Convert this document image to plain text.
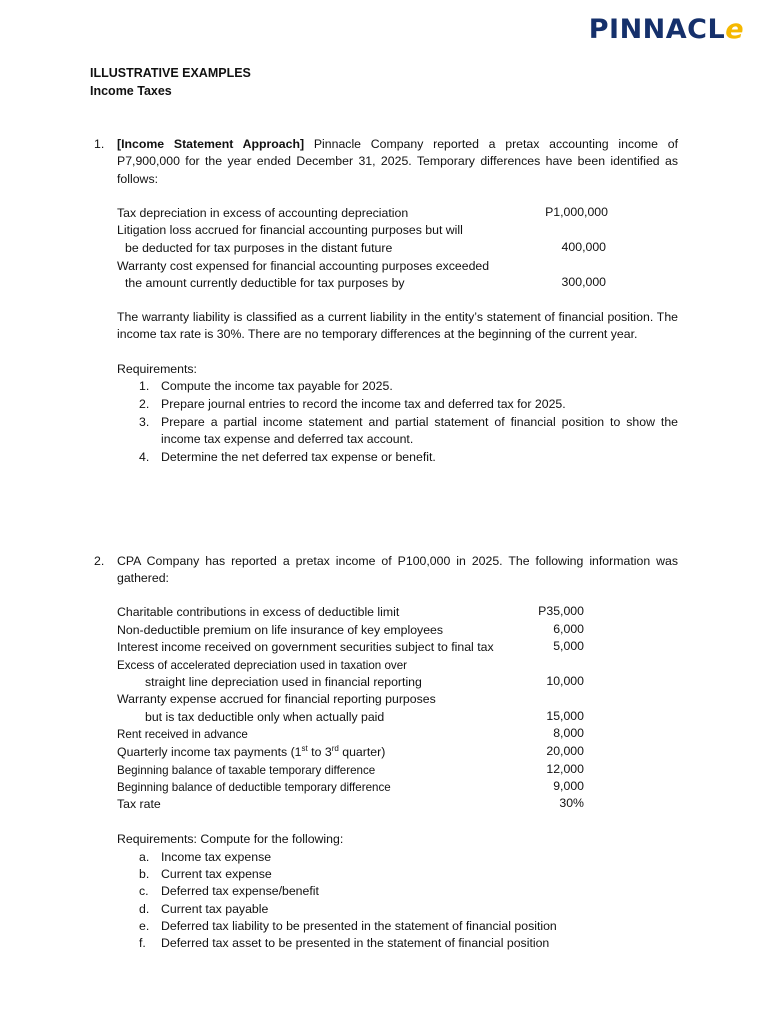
PINNACLe
ILLUSTRATIVE EXAMPLES
Income Taxes
1. [Income Statement Approach] Pinnacle Company reported a pretax accounting income of P7,900,000 for the year ended December 31, 2025. Temporary differences have been identified as follows:
Tax depreciation in excess of accounting depreciation	P1,000,000
Litigation loss accrued for financial accounting purposes but will
be deducted for tax purposes in the distant future	400,000
Warranty cost expensed for financial accounting purposes exceeded
the amount currently deductible for tax purposes by	300,000
The warranty liability is classified as a current liability in the entity’s statement of financial position. The income tax rate is 30%. There are no temporary differences at the beginning of the current year.
Requirements:
1. Compute the income tax payable for 2025.
2. Prepare journal entries to record the income tax and deferred tax for 2025.
3. Prepare a partial income statement and partial statement of financial position to show the income tax expense and deferred tax account.
4. Determine the net deferred tax expense or benefit.
2. CPA Company has reported a pretax income of P100,000 in 2025. The following information was gathered:
Charitable contributions in excess of deductible limit	P35,000
Non-deductible premium on life insurance of key employees	6,000
Interest income received on government securities subject to final tax	5,000
Excess of accelerated depreciation used in taxation over
straight line depreciation used in financial reporting	10,000
Warranty expense accrued for financial reporting purposes
but is tax deductible only when actually paid	15,000
Rent received in advance	8,000
Quarterly income tax payments (1st to 3rd quarter)	20,000
Beginning balance of taxable temporary difference	12,000
Beginning balance of deductible temporary difference	9,000
Tax rate	30%
Requirements: Compute for the following:
a. Income tax expense
b. Current tax expense
c. Deferred tax expense/benefit
d. Current tax payable
e. Deferred tax liability to be presented in the statement of financial position
f. Deferred tax asset to be presented in the statement of financial position
